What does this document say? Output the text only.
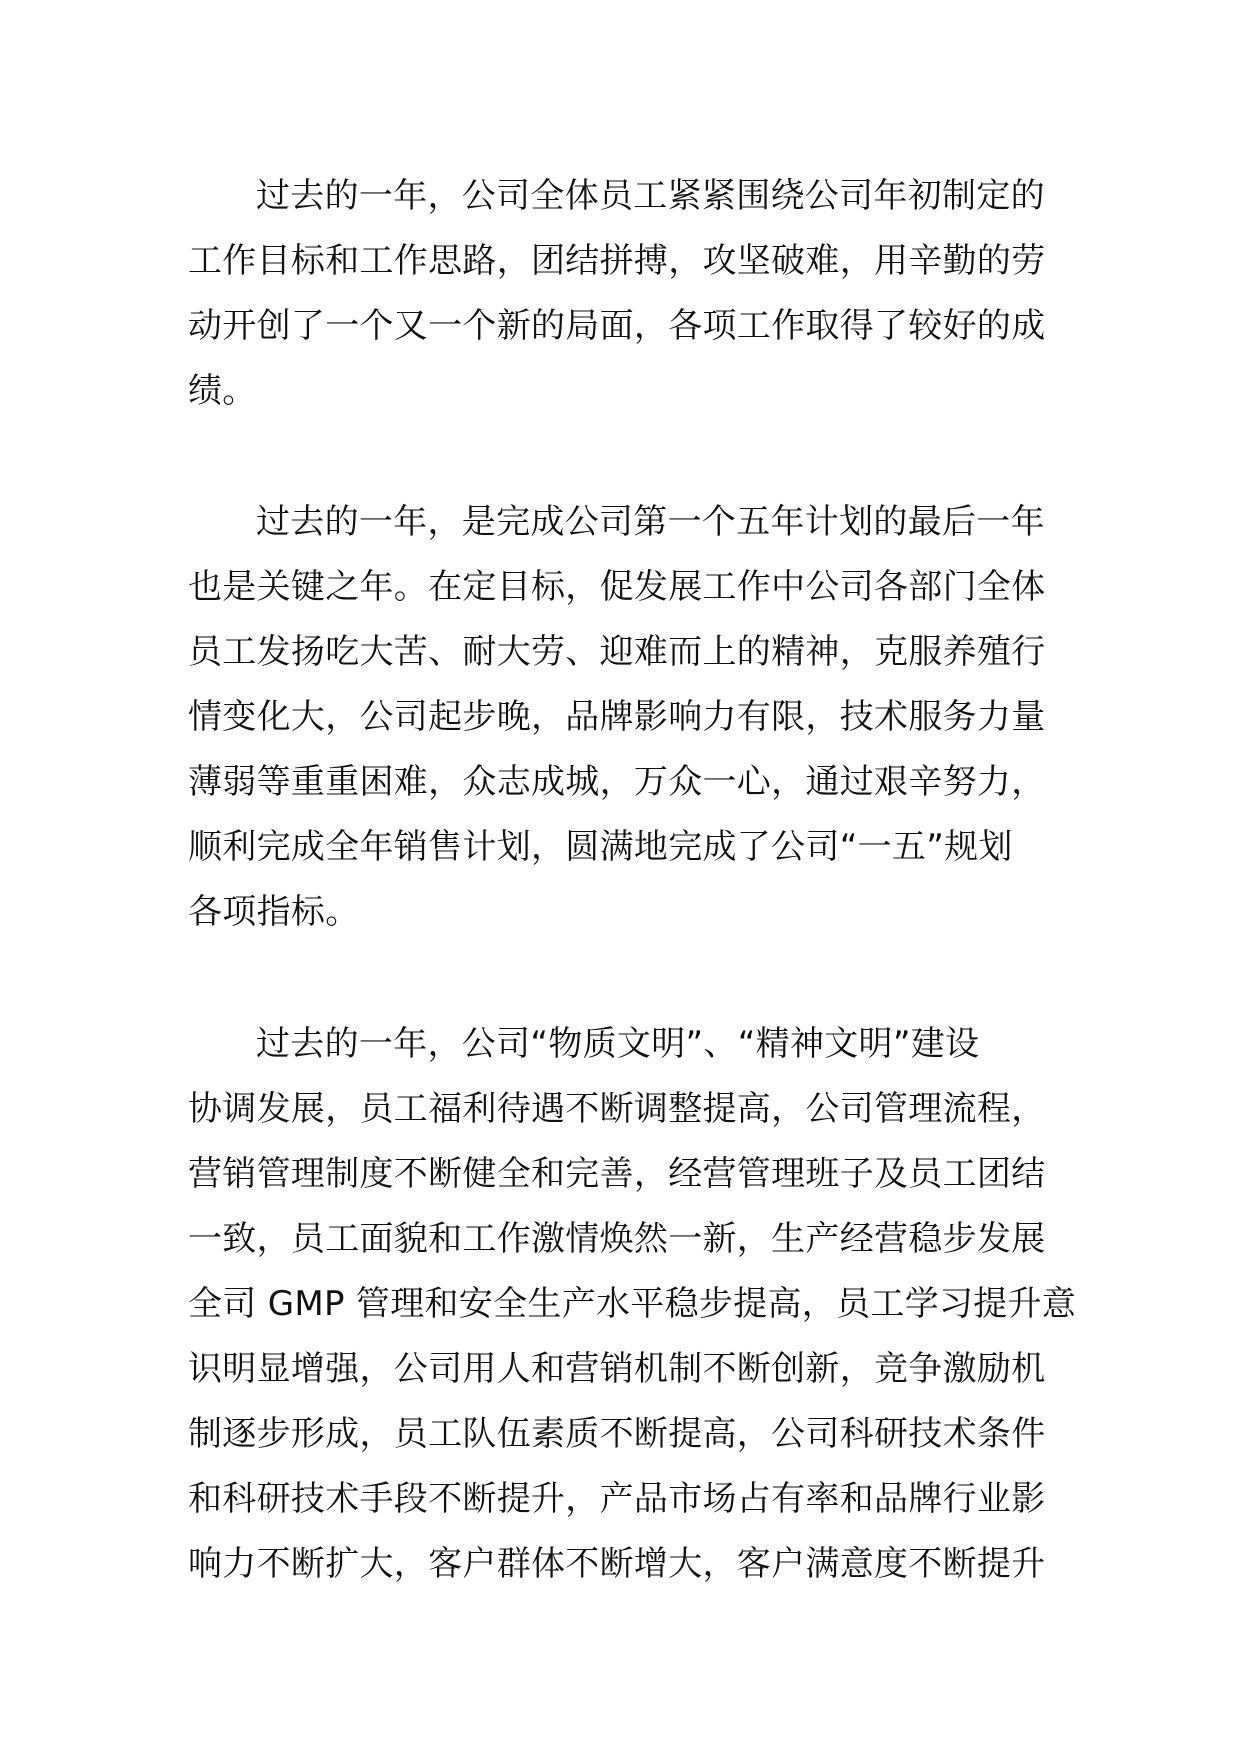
过去的一年，公司全体员工紧紧围绕公司年初制定的
工作目标和工作思路，团结拼搏，攻坚破难，用辛勤的劳
动开创了一个又一个新的局面，各项工作取得了较好的成
绩。
过去的一年，是完成公司第一个五年计划的最后一年
也是关键之年。在定目标，促发展工作中公司各部门全体
员工发扬吃大苦、耐大劳、迎难而上的精神，克服养殖行
情变化大，公司起步晚，品牌影响力有限，技术服务力量
薄弱等重重困难，众志成城，万众一心，通过艰辛努力，
顺利完成全年销售计划，圆满地完成了公司“一五”规划
各项指标。
过去的一年，公司“物质文明”、“精神文明”建设
协调发展，员工福利待遇不断调整提高，公司管理流程，
营销管理制度不断健全和完善，经营管理班子及员工团结
一致，员工面貌和工作激情焕然一新，生产经营稳步发展
全司 GMP 管理和安全生产水平稳步提高，员工学习提升意
识明显增强，公司用人和营销机制不断创新，竞争激励机
制逐步形成，员工队伍素质不断提高，公司科研技术条件
和科研技术手段不断提升，产品市场占有率和品牌行业影
响力不断扩大，客户群体不断增大，客户满意度不断提升
